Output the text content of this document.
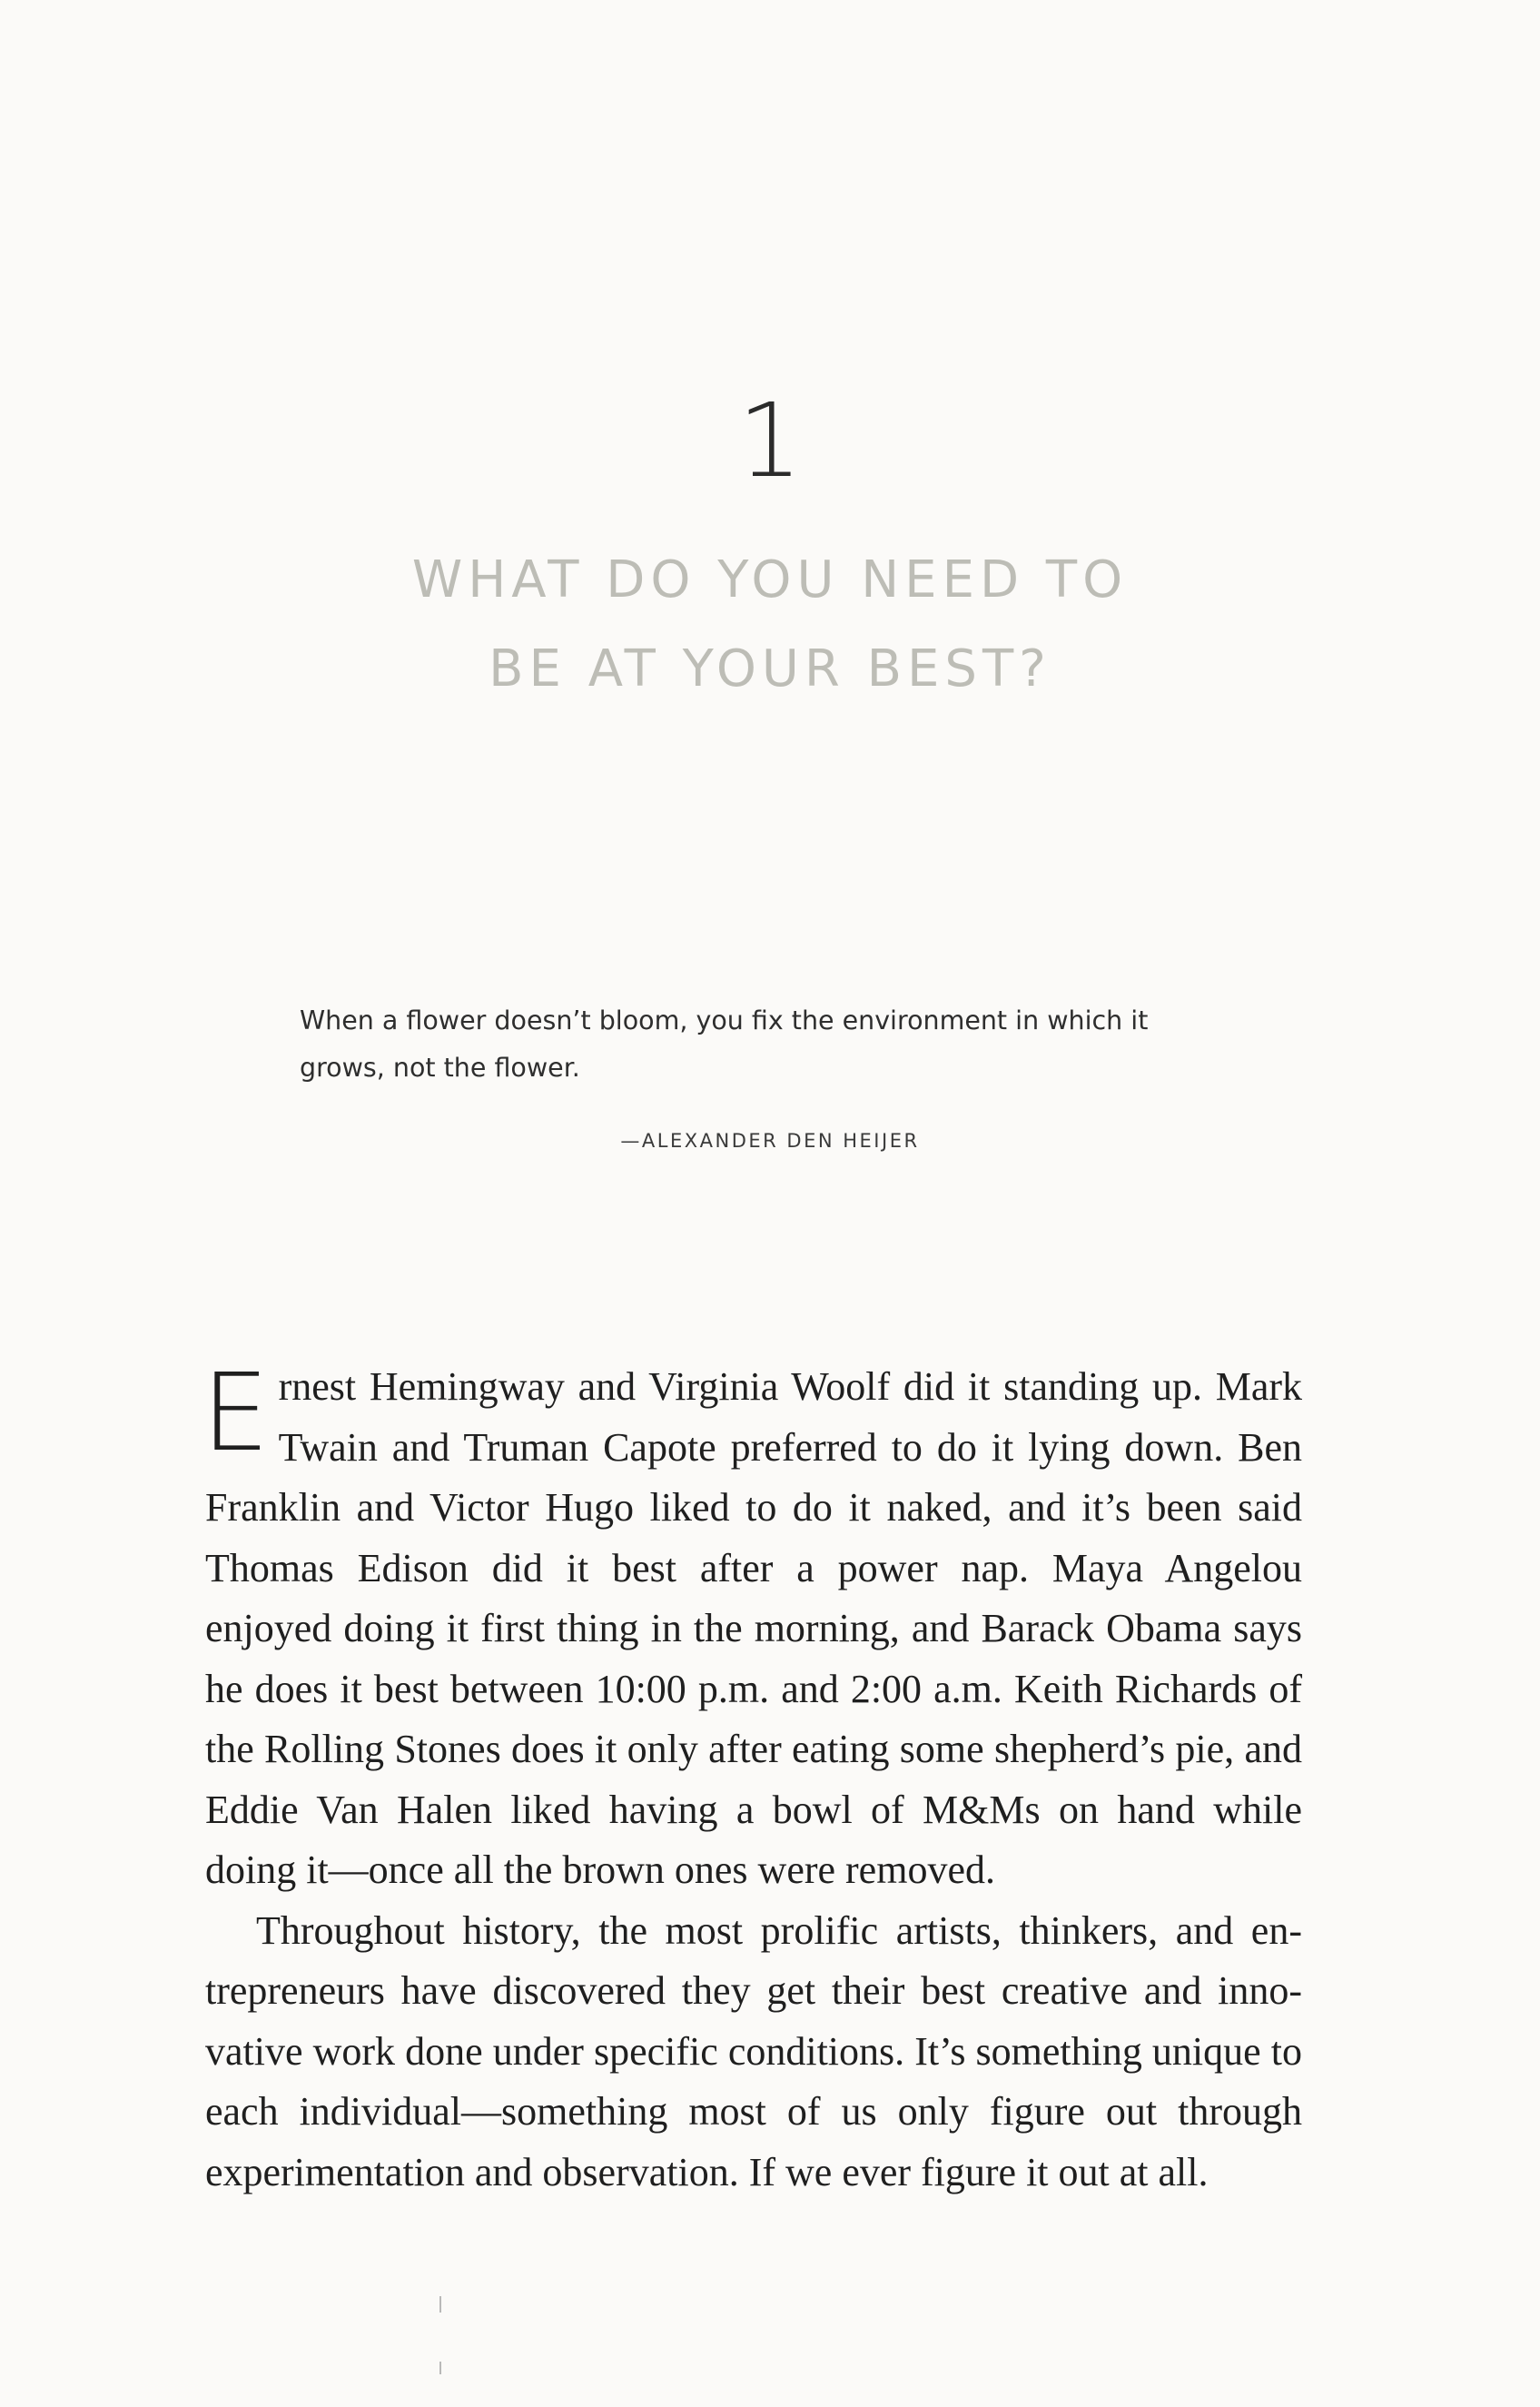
1
WHAT DO YOU NEED TO
BE AT YOUR BEST?

When a flower doesn’t bloom, you fix the environment in which it grows, not the flower.

—ALEXANDER DEN HEIJER

Ernest Hemingway and Virginia Woolf did it standing up. Mark Twain and Truman Capote preferred to do it lying down. Ben Franklin and Victor Hugo liked to do it naked, and it’s been said Thomas Edison did it best after a power nap. Maya Angelou enjoyed doing it first thing in the morning, and Barack Obama says he does it best between 10:00 p.m. and 2:00 a.m. Keith Richards of the Rolling Stones does it only after eating some shepherd’s pie, and Eddie Van Halen liked having a bowl of M&Ms on hand while doing it—once all the brown ones were removed.

Throughout history, the most prolific artists, thinkers, and entrepreneurs have discovered they get their best creative and innovative work done under specific conditions. It’s something unique to each individual—something most of us only figure out through experimentation and observation. If we ever figure it out at all.
